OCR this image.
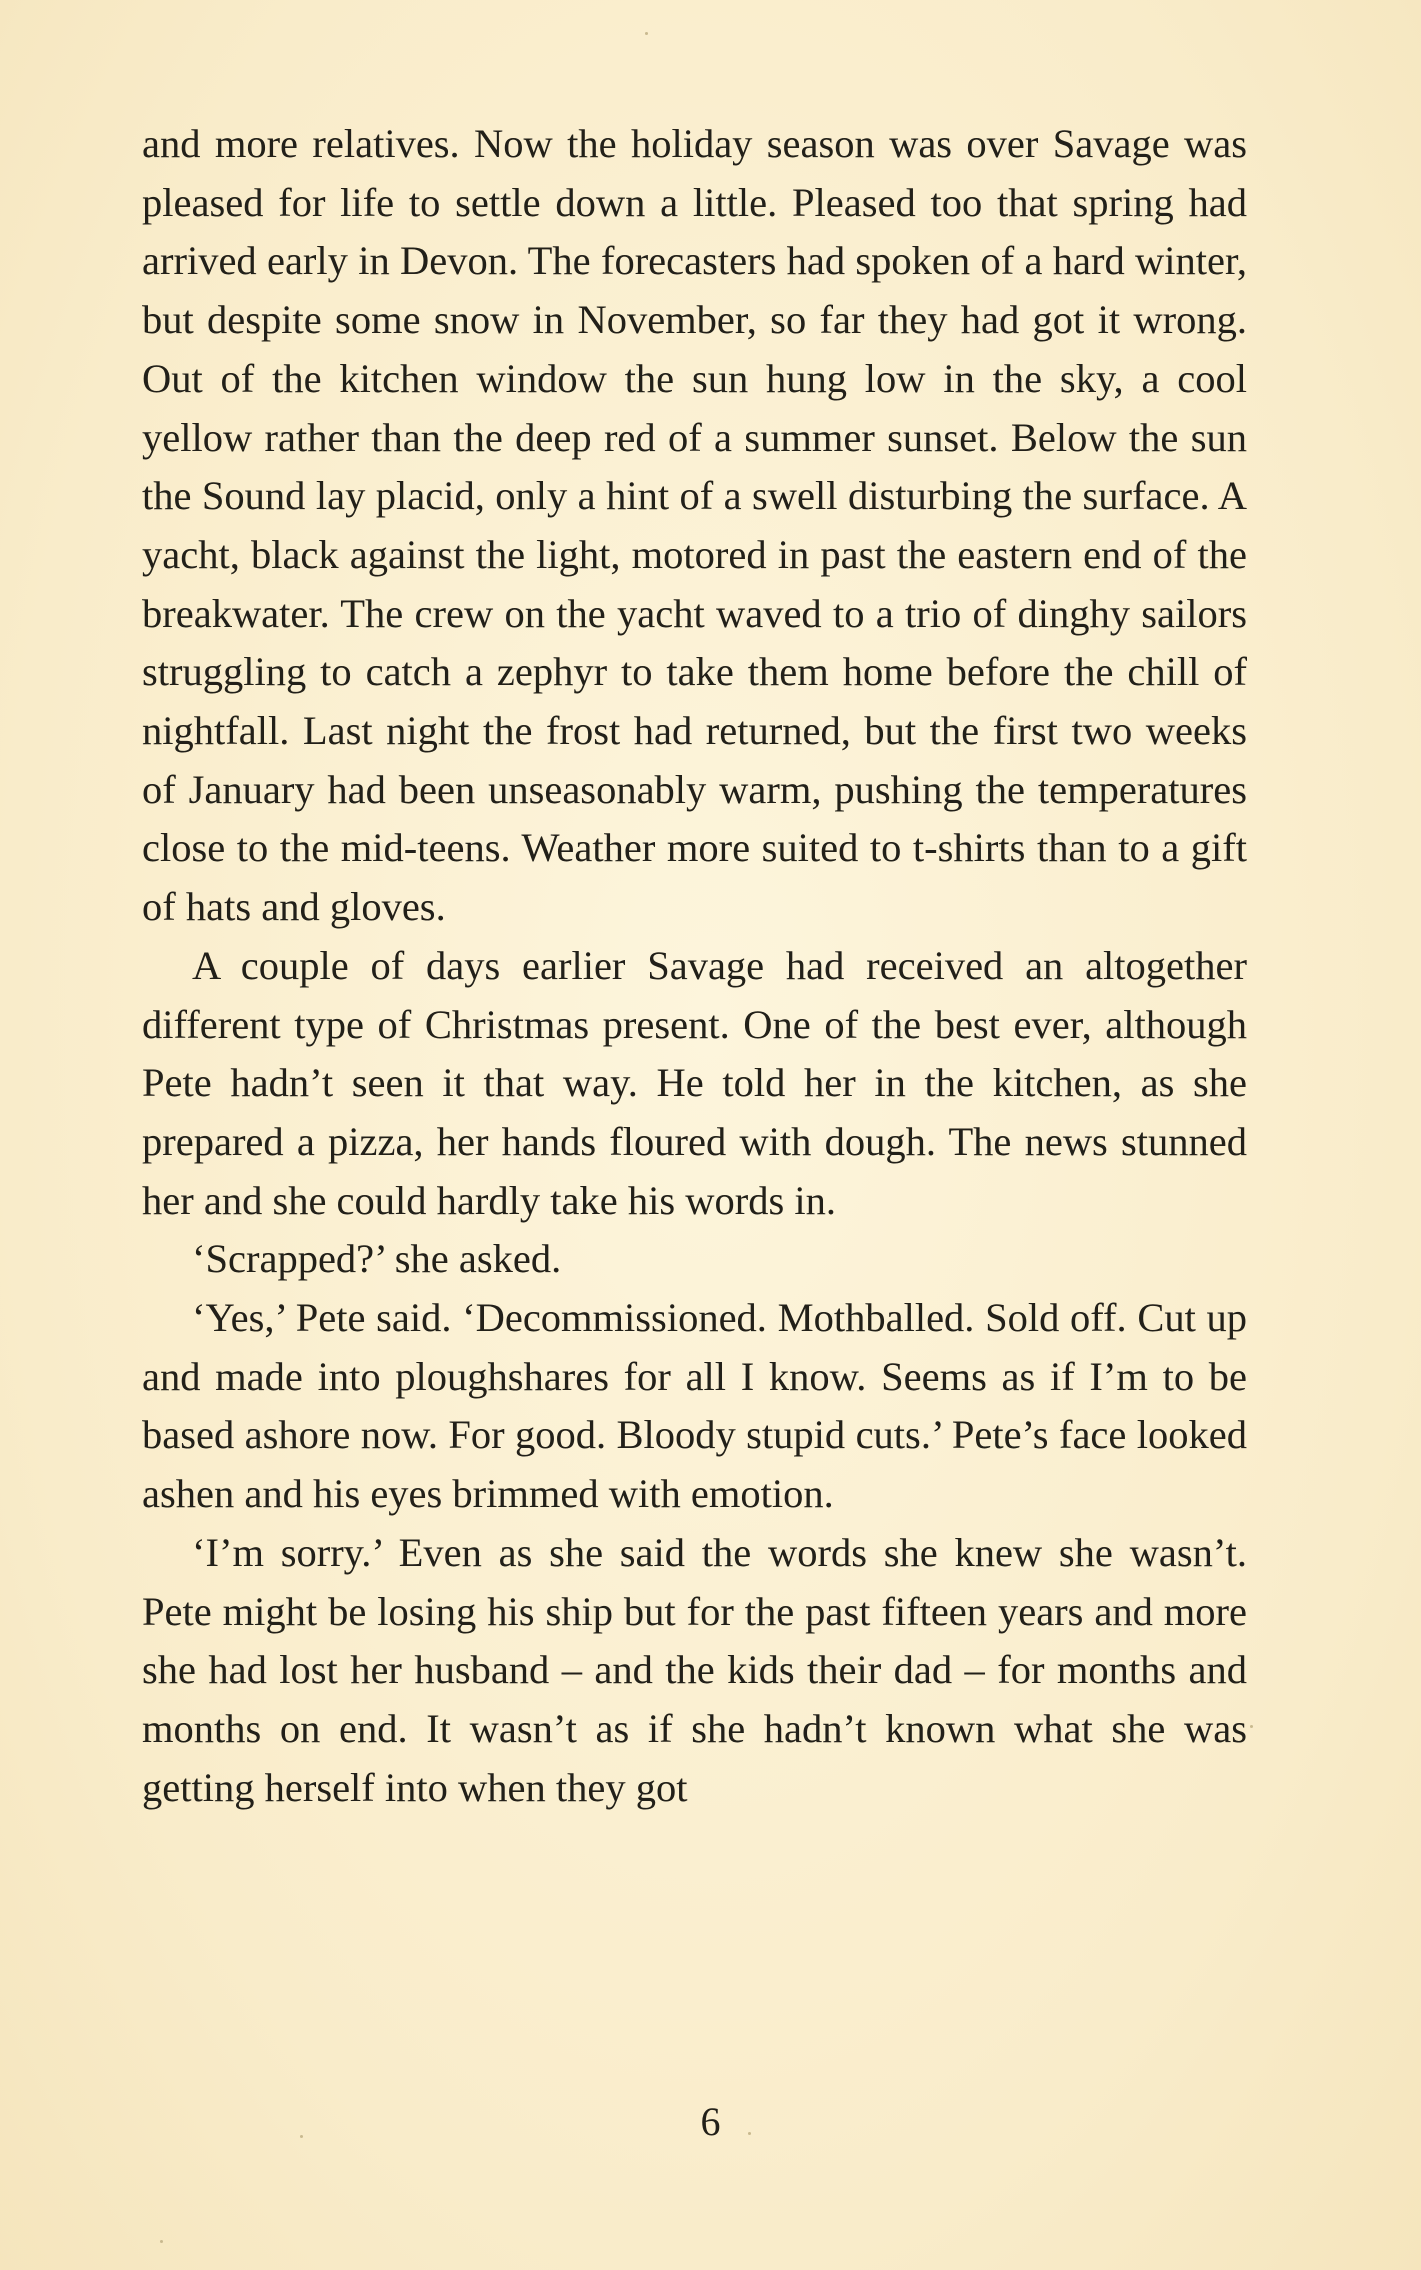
and more relatives. Now the holiday season was over Savage was pleased for life to settle down a little. Pleased too that spring had arrived early in Devon. The forecasters had spoken of a hard winter, but despite some snow in November, so far they had got it wrong. Out of the kitchen window the sun hung low in the sky, a cool yellow rather than the deep red of a summer sunset. Below the sun the Sound lay placid, only a hint of a swell disturbing the surface. A yacht, black against the light, motored in past the eastern end of the breakwater. The crew on the yacht waved to a trio of dinghy sailors struggling to catch a zephyr to take them home before the chill of nightfall. Last night the frost had returned, but the first two weeks of January had been unseasonably warm, pushing the temperatures close to the mid-teens. Weather more suited to t-shirts than to a gift of hats and gloves.

A couple of days earlier Savage had received an altogether different type of Christmas present. One of the best ever, although Pete hadn’t seen it that way. He told her in the kitchen, as she prepared a pizza, her hands floured with dough. The news stunned her and she could hardly take his words in.

‘Scrapped?’ she asked.

‘Yes,’ Pete said. ‘Decommissioned. Mothballed. Sold off. Cut up and made into ploughshares for all I know. Seems as if I’m to be based ashore now. For good. Bloody stupid cuts.’ Pete’s face looked ashen and his eyes brimmed with emotion.

‘I’m sorry.’ Even as she said the words she knew she wasn’t. Pete might be losing his ship but for the past fifteen years and more she had lost her husband – and the kids their dad – for months and months on end. It wasn’t as if she hadn’t known what she was getting herself into when they got

6
